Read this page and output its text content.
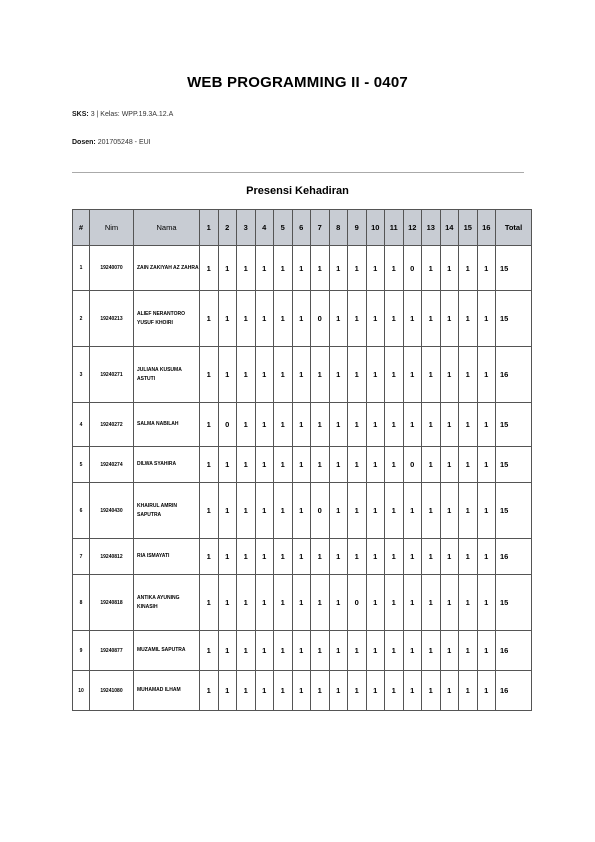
WEB PROGRAMMING II - 0407
SKS: 3 | Kelas: WPP.19.3A.12.A
Dosen: 201705248 - EUI
Presensi Kehadiran
#	Nim	Nama	1	2	3	4	5	6	7	8	9	10	11	12	13	14	15	16	Total
1	19240070	ZAIN ZAKIYAH AZ ZAHRA	1	1	1	1	1	1	1	1	1	1	1	0	1	1	1	1	15
2	19240213	ALIEF NERANTORO YUSUF KHOIRI	1	1	1	1	1	1	0	1	1	1	1	1	1	1	1	1	15
3	19240271	JULIANA KUSUMA ASTUTI	1	1	1	1	1	1	1	1	1	1	1	1	1	1	1	1	16
4	19240272	SALMA NABILAH	1	0	1	1	1	1	1	1	1	1	1	1	1	1	1	1	15
5	19240274	DILWA SYAHIRA	1	1	1	1	1	1	1	1	1	1	1	0	1	1	1	1	15
6	19240430	KHAIRUL AMRIN SAPUTRA	1	1	1	1	1	1	0	1	1	1	1	1	1	1	1	1	15
7	19240812	RIA ISMAYATI	1	1	1	1	1	1	1	1	1	1	1	1	1	1	1	1	16
8	19240818	ANTIKA AYUNING KINASIH	1	1	1	1	1	1	1	1	0	1	1	1	1	1	1	1	15
9	19240877	MUZAMIL SAPUTRA	1	1	1	1	1	1	1	1	1	1	1	1	1	1	1	1	16
10	19241080	MUHAMAD ILHAM	1	1	1	1	1	1	1	1	1	1	1	1	1	1	1	1	16
